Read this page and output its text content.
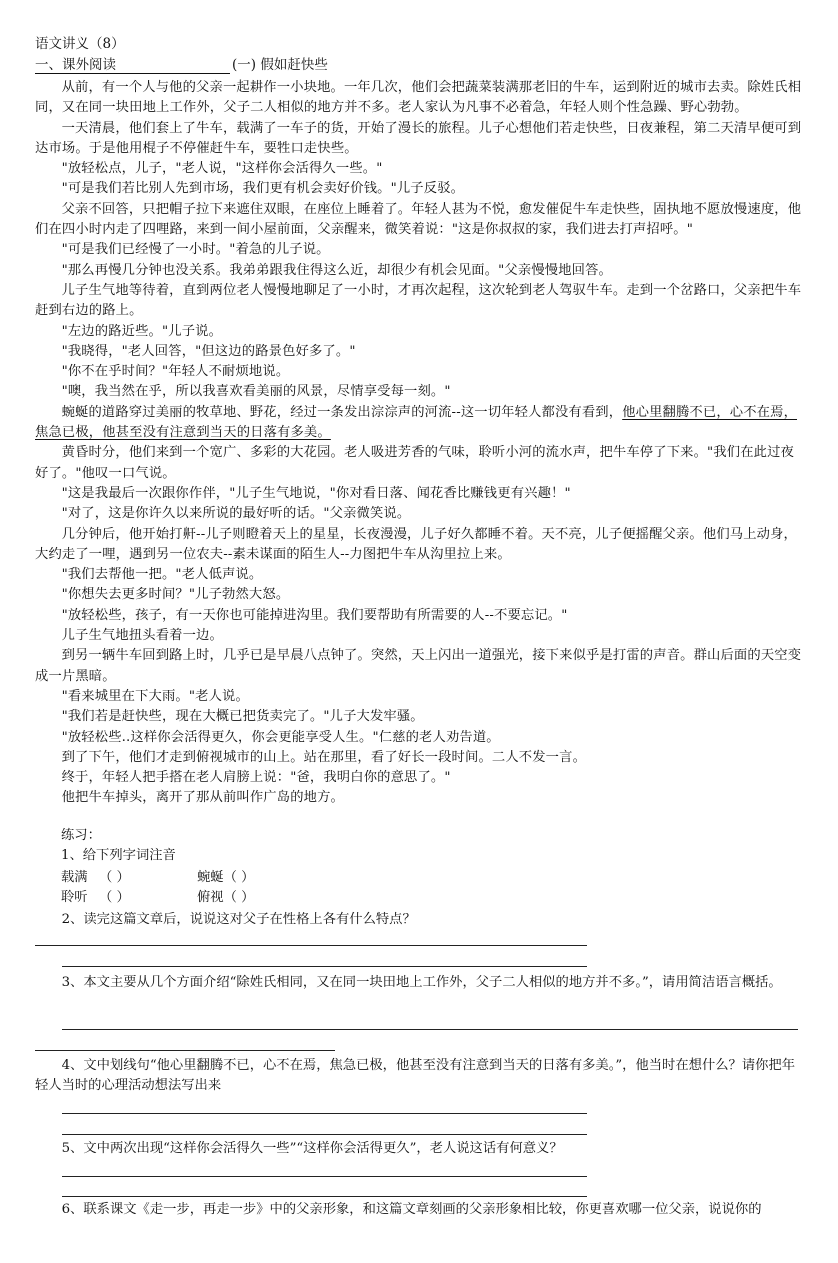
语文讲义（8）
一、课外阅读	(一) 假如赶快些

从前，有一个人与他的父亲一起耕作一小块地。一年几次，他们会把蔬菜装满那老旧的牛车，运到附近的城市去卖。除姓氏相同，又在同一块田地上工作外，父子二人相似的地方并不多。老人家认为凡事不必着急，年轻人则个性急躁、野心勃勃。

一天清晨，他们套上了牛车，载满了一车子的货，开始了漫长的旅程。儿子心想他们若走快些，日夜兼程，第二天清早便可到达市场。于是他用棍子不停催赶牛车，要牲口走快些。

"放轻松点，儿子，"老人说，"这样你会活得久一些。"

"可是我们若比别人先到市场，我们更有机会卖好价钱。"儿子反驳。

父亲不回答，只把帽子拉下来遮住双眼，在座位上睡着了。年轻人甚为不悦，愈发催促牛车走快些，固执地不愿放慢速度，他们在四小时内走了四哩路，来到一间小屋前面，父亲醒来，微笑着说："这是你叔叔的家，我们进去打声招呼。"

"可是我们已经慢了一小时。"着急的儿子说。

"那么再慢几分钟也没关系。我弟弟跟我住得这么近，却很少有机会见面。"父亲慢慢地回答。

儿子生气地等待着，直到两位老人慢慢地聊足了一小时，才再次起程，这次轮到老人驾驭牛车。走到一个岔路口，父亲把牛车赶到右边的路上。

"左边的路近些。"儿子说。

"我晓得，"老人回答，"但这边的路景色好多了。"

"你不在乎时间？"年轻人不耐烦地说。

"噢，我当然在乎，所以我喜欢看美丽的风景，尽情享受每一刻。"

蜿蜒的道路穿过美丽的牧草地、野花，经过一条发出淙淙声的河流--这一切年轻人都没有看到，他心里翻腾不已，心不在焉，焦急已极，他甚至没有注意到当天的日落有多美。

黄昏时分，他们来到一个宽广、多彩的大花园。老人吸进芳香的气味，聆听小河的流水声，把牛车停了下来。"我们在此过夜好了。"他叹一口气说。

"这是我最后一次跟你作伴，"儿子生气地说，"你对看日落、闻花香比赚钱更有兴趣！"

"对了，这是你许久以来所说的最好听的话。"父亲微笑说。

几分钟后，他开始打鼾--儿子则瞪着天上的星星，长夜漫漫，儿子好久都睡不着。天不亮，儿子便摇醒父亲。他们马上动身，大约走了一哩，遇到另一位农夫--素未谋面的陌生人--力图把牛车从沟里拉上来。

"我们去帮他一把。"老人低声说。

"你想失去更多时间？"儿子勃然大怒。

"放轻松些，孩子，有一天你也可能掉进沟里。我们要帮助有所需要的人--不要忘记。"

儿子生气地扭头看着一边。

到另一辆牛车回到路上时，几乎已是早晨八点钟了。突然，天上闪出一道强光，接下来似乎是打雷的声音。群山后面的天空变成一片黑暗。

"看来城里在下大雨。"老人说。

"我们若是赶快些，现在大概已把货卖完了。"儿子大发牢骚。

"放轻松些..这样你会活得更久，你会更能享受人生。"仁慈的老人劝告道。

到了下午，他们才走到俯视城市的山上。站在那里，看了好长一段时间。二人不发一言。

终于，年轻人把手搭在老人肩膀上说："爸，我明白你的意思了。"

他把牛车掉头，离开了那从前叫作广岛的地方。

练习：

1、给下列字词注音

载满 （ ）	蜿蜒（ ）
聆听 （ ）	俯视（ ）

2、读完这篇文章后，说说这对父子在性格上各有什么特点？

3、本文主要从几个方面介绍“除姓氏相同，又在同一块田地上工作外，父子二人相似的地方并不多。”，请用简洁语言概括。

4、文中划线句“他心里翻腾不已，心不在焉，焦急已极，他甚至没有注意到当天的日落有多美。”，他当时在想什么？请你把年轻人当时的心理活动想法写出来

5、文中两次出现“这样你会活得久一些”“这样你会活得更久”，老人说这话有何意义？

6、联系课文《走一步，再走一步》中的父亲形象，和这篇文章刻画的父亲形象相比较，你更喜欢哪一位父亲，说说你的
